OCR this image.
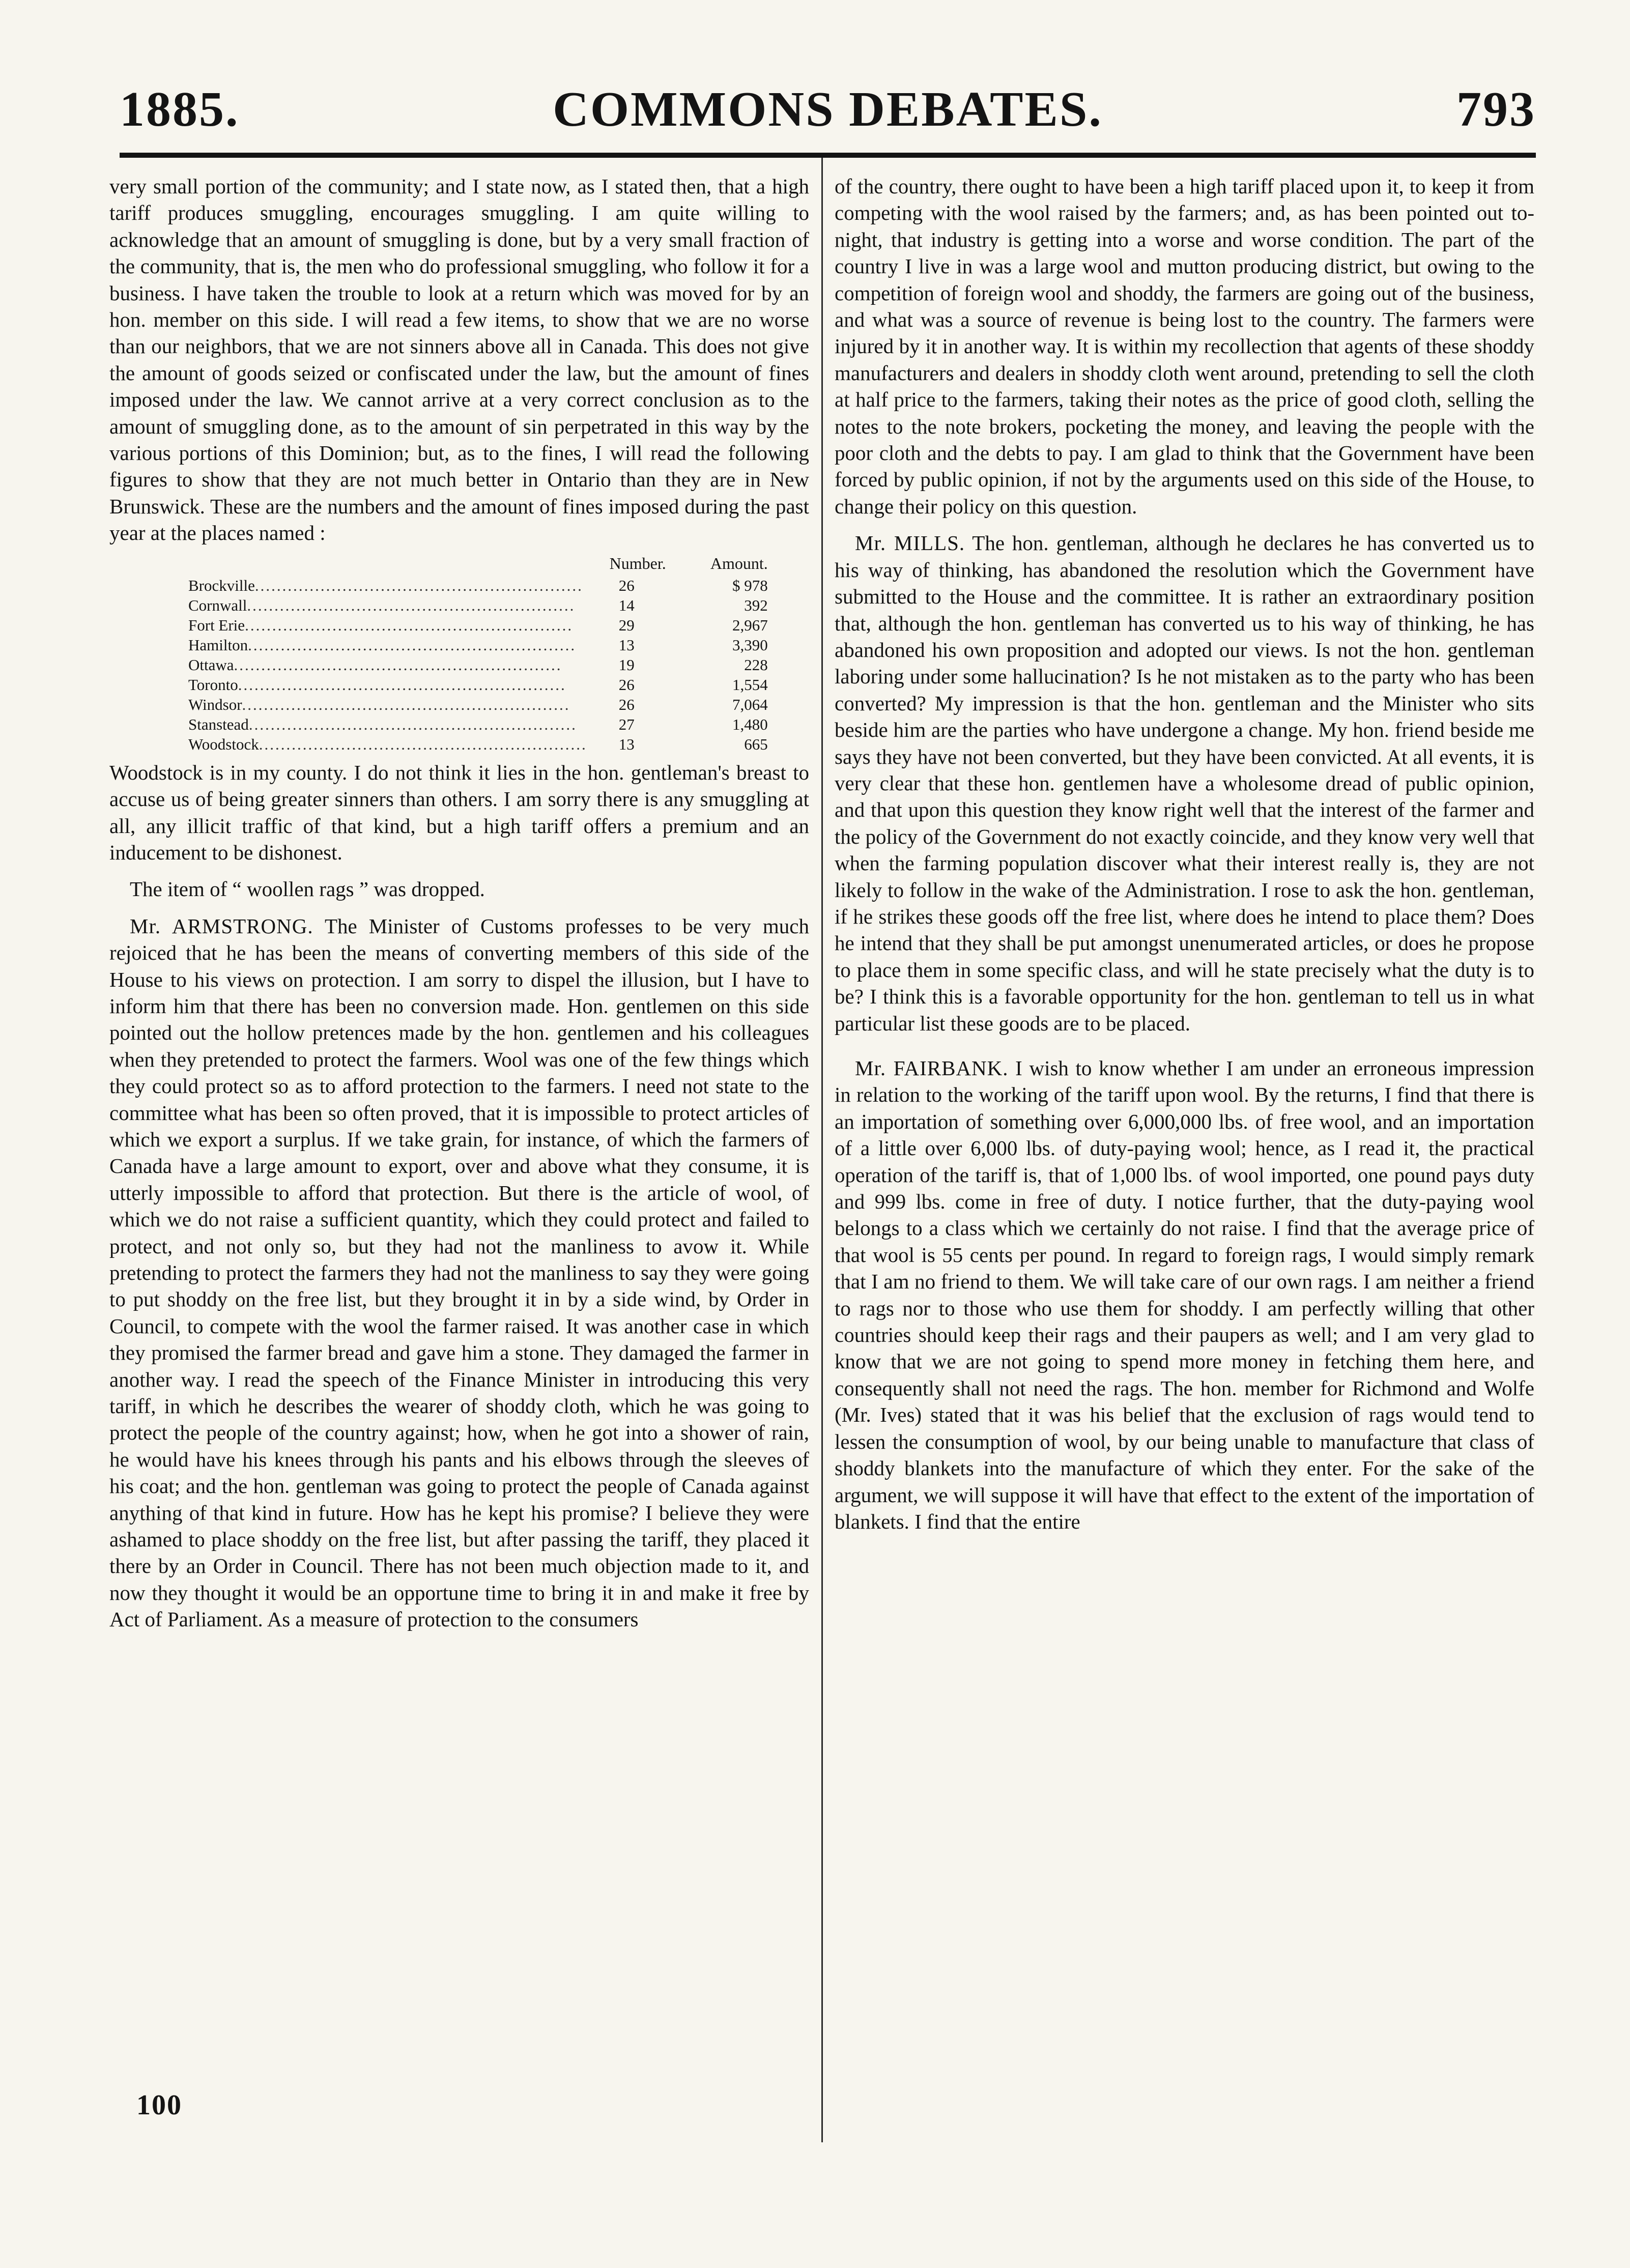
1885.	COMMONS DEBATES.	793

very small portion of the community; and I state now, as I stated then, that a high tariff produces smuggling, encourages smuggling. I am quite willing to acknowledge that an amount of smuggling is done, but by a very small fraction of the community, that is, the men who do professional smuggling, who follow it for a business. I have taken the trouble to look at a return which was moved for by an hon. member on this side. I will read a few items, to show that we are no worse than our neighbors, that we are not sinners above all in Canada. This does not give the amount of goods seized or confiscated under the law, but the amount of fines imposed under the law. We cannot arrive at a very correct conclusion as to the amount of smuggling done, as to the amount of sin perpetrated in this way by the various portions of this Dominion; but, as to the fines, I will read the following figures to show that they are not much better in Ontario than they are in New Brunswick. These are the numbers and the amount of fines imposed during the past year at the places named :

	Number.	Amount.
Brockville............................................................	26	$ 978
Cornwall............................................................	14	392
Fort Erie............................................................	29	2,967
Hamilton............................................................	13	3,390
Ottawa............................................................	19	228
Toronto............................................................	26	1,554
Windsor............................................................	26	7,064
Stanstead............................................................	27	1,480
Woodstock............................................................	13	665

Woodstock is in my county. I do not think it lies in the hon. gentleman's breast to accuse us of being greater sinners than others. I am sorry there is any smuggling at all, any illicit traffic of that kind, but a high tariff offers a premium and an inducement to be dishonest.

The item of “ woollen rags ” was dropped.

Mr. ARMSTRONG. The Minister of Customs professes to be very much rejoiced that he has been the means of converting members of this side of the House to his views on protection. I am sorry to dispel the illusion, but I have to inform him that there has been no conversion made. Hon. gentlemen on this side pointed out the hollow pretences made by the hon. gentlemen and his colleagues when they pretended to protect the farmers. Wool was one of the few things which they could protect so as to afford protection to the farmers. I need not state to the committee what has been so often proved, that it is impossible to protect articles of which we export a surplus. If we take grain, for instance, of which the farmers of Canada have a large amount to export, over and above what they consume, it is utterly impossible to afford that protection. But there is the article of wool, of which we do not raise a sufficient quantity, which they could protect and failed to protect, and not only so, but they had not the manliness to avow it. While pretending to protect the farmers they had not the manliness to say they were going to put shoddy on the free list, but they brought it in by a side wind, by Order in Council, to compete with the wool the farmer raised. It was another case in which they promised the farmer bread and gave him a stone. They damaged the farmer in another way. I read the speech of the Finance Minister in introducing this very tariff, in which he describes the wearer of shoddy cloth, which he was going to protect the people of the country against; how, when he got into a shower of rain, he would have his knees through his pants and his elbows through the sleeves of his coat; and the hon. gentleman was going to protect the people of Canada against anything of that kind in future. How has he kept his promise? I believe they were ashamed to place shoddy on the free list, but after passing the tariff, they placed it there by an Order in Council. There has not been much objection made to it, and now they thought it would be an opportune time to bring it in and make it free by Act of Parliament. As a measure of protection to the consumers

of the country, there ought to have been a high tariff placed upon it, to keep it from competing with the wool raised by the farmers; and, as has been pointed out to-night, that industry is getting into a worse and worse condition. The part of the country I live in was a large wool and mutton producing district, but owing to the competition of foreign wool and shoddy, the farmers are going out of the business, and what was a source of revenue is being lost to the country. The farmers were injured by it in another way. It is within my recollection that agents of these shoddy manufacturers and dealers in shoddy cloth went around, pretending to sell the cloth at half price to the farmers, taking their notes as the price of good cloth, selling the notes to the note brokers, pocketing the money, and leaving the people with the poor cloth and the debts to pay. I am glad to think that the Government have been forced by public opinion, if not by the arguments used on this side of the House, to change their policy on this question.

Mr. MILLS. The hon. gentleman, although he declares he has converted us to his way of thinking, has abandoned the resolution which the Government have submitted to the House and the committee. It is rather an extraordinary position that, although the hon. gentleman has converted us to his way of thinking, he has abandoned his own proposition and adopted our views. Is not the hon. gentleman laboring under some hallucination? Is he not mistaken as to the party who has been converted? My impression is that the hon. gentleman and the Minister who sits beside him are the parties who have undergone a change. My hon. friend beside me says they have not been converted, but they have been convicted. At all events, it is very clear that these hon. gentlemen have a wholesome dread of public opinion, and that upon this question they know right well that the interest of the farmer and the policy of the Government do not exactly coincide, and they know very well that when the farming population discover what their interest really is, they are not likely to follow in the wake of the Administration. I rose to ask the hon. gentleman, if he strikes these goods off the free list, where does he intend to place them? Does he intend that they shall be put amongst unenumerated articles, or does he propose to place them in some specific class, and will he state precisely what the duty is to be? I think this is a favorable opportunity for the hon. gentleman to tell us in what particular list these goods are to be placed.

Mr. FAIRBANK. I wish to know whether I am under an erroneous impression in relation to the working of the tariff upon wool. By the returns, I find that there is an importation of something over 6,000,000 lbs. of free wool, and an importation of a little over 6,000 lbs. of duty-paying wool; hence, as I read it, the practical operation of the tariff is, that of 1,000 lbs. of wool imported, one pound pays duty and 999 lbs. come in free of duty. I notice further, that the duty-paying wool belongs to a class which we certainly do not raise. I find that the average price of that wool is 55 cents per pound. In regard to foreign rags, I would simply remark that I am no friend to them. We will take care of our own rags. I am neither a friend to rags nor to those who use them for shoddy. I am perfectly willing that other countries should keep their rags and their paupers as well; and I am very glad to know that we are not going to spend more money in fetching them here, and consequently shall not need the rags. The hon. member for Richmond and Wolfe (Mr. Ives) stated that it was his belief that the exclusion of rags would tend to lessen the consumption of wool, by our being unable to manufacture that class of shoddy blankets into the manufacture of which they enter. For the sake of the argument, we will suppose it will have that effect to the extent of the importation of blankets. I find that the entire

100
